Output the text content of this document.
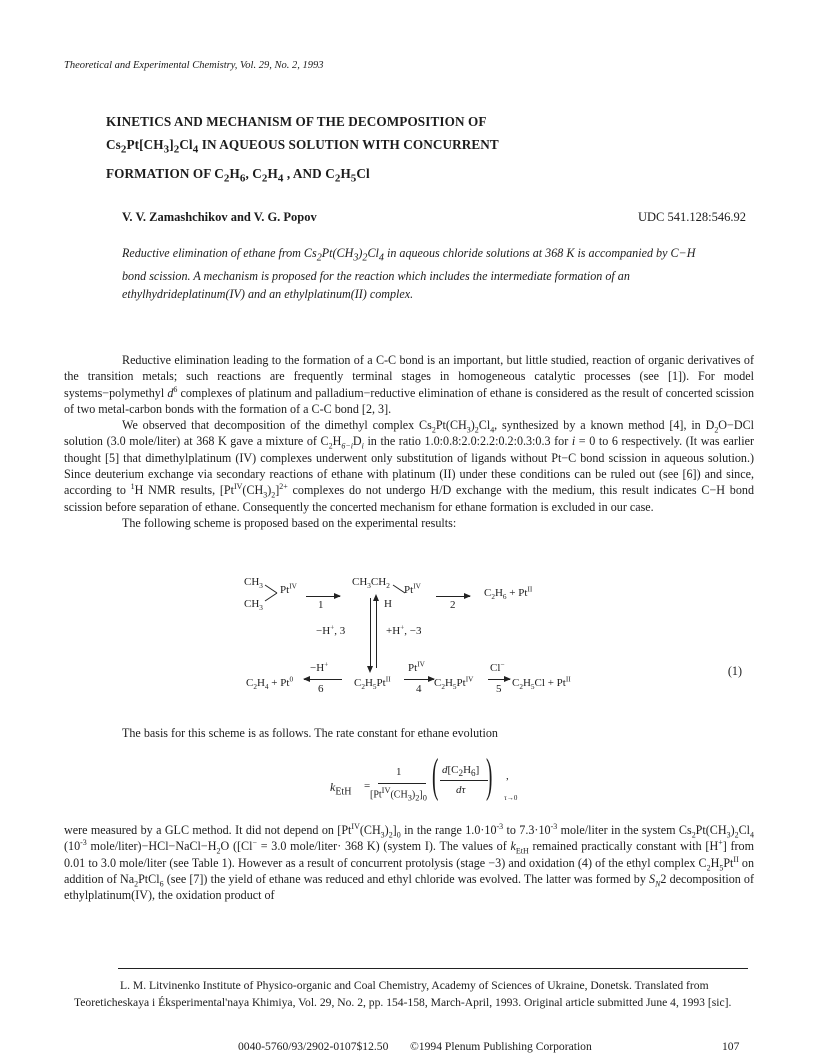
Theoretical and Experimental Chemistry, Vol. 29, No. 2, 1993
KINETICS AND MECHANISM OF THE DECOMPOSITION OF
$Cs_2Pt[CH_3]_2Cl_4$ IN AQUEOUS SOLUTION WITH CONCURRENT
FORMATION OF $C_2H_6$, $C_2H_4$ , AND $C_2H_5Cl$
V. V. Zamashchikov and V. G. Popov	UDC 541.128:546.92

Reductive elimination of ethane from $Cs_2Pt(CH_3)_2Cl_4$ in aqueous chloride solutions at 368 K is accompanied by C−H bond scission. A mechanism is proposed for the reaction which includes the intermediate formation of an ethylhydrideplatinum(IV) and an ethylplatinum(II) complex.

Reductive elimination leading to the formation of a C-C bond is an important, but little studied, reaction of organic derivatives of the transition metals; such reactions are frequently terminal stages in homogeneous catalytic processes (see [1]). For model systems−polymethyl $d^6$ complexes of platinum and palladium−reductive elimination of ethane is considered as the result of concerted scission of two metal-carbon bonds with the formation of a C-C bond [2, 3].

We observed that decomposition of the dimethyl complex $Cs_2Pt(CH_3)_2Cl_4$, synthesized by a known method [4], in $D_2O-DCl$ solution (3.0 mole/liter) at 368 K gave a mixture of $C_2H_{6-i}D_i$ in the ratio 1.0:0.8:2.0:2.2:0.2:0.3:0.3 for i = 0 to 6 respectively. (It was earlier thought [5] that dimethylplatinum (IV) complexes underwent only substitution of ligands without Pt−C bond scission in aqueous solution.) Since deuterium exchange via secondary reactions of ethane with platinum (II) under these conditions can be ruled out (see [6]) and since, according to $^1$H NMR results, $[Pt^{IV}(CH_3)_2]^{2+}$ complexes do not undergo H/D exchange with the medium, this result indicates C−H bond scission before separation of ethane. Consequently the concerted mechanism for ethane formation is excluded in our case.

The following scheme is proposed based on the experimental results:

$CH_3$
$CH_3$
$Pt^{IV}$
1
$CH_3CH_2$ $Pt^{IV}$
H	2
$C_2H_6 + Pt^{II}$
−H+, 3	+H+, −3
$C_2H_4 + Pt^0$
−H+
6	$C_2H_5Pt^{II}$
$Pt^{IV}$
4 $C_2H_5Pt^{IV}$
Cl−
5 $C_2H_5Cl + Pt^{II}$
(1)
The basis for this scheme is as follows. The rate constant for ethane evolution
$k_{EtH}$ =
1
$[Pt^{IV}(CH_3)_2]_0$ ( $d[C_2H_6]$
dτ ) τ→0
,

were measured by a GLC method. It did not depend on $[Pt^{IV}(CH_3)_2]_0$ in the range $1.0\cdot 10^{-3}$ to $7.3\cdot 10^{-3}$ mole/liter in the system $Cs_2Pt(CH_3)_2Cl_4$ ($10^{-3}$ mole/$liter)-HCl-NaCl-H_2O$ ([Cl− = 3.0 mole/liter· 368 K) (system I). The values of $k_{EtH}$ remained practically constant with [H+] from 0.01 to 3.0 mole/liter (see Table 1). However as a result of concurrent protolysis (stage −3) and oxidation (4) of the ethyl complex $C_2H_5Pt^{II}$ on addition of $Na_2PtCl_6$ (see [7]) the yield of ethane was reduced and ethyl chloride was evolved. The latter was formed by $S_N2$ decomposition of ethylplatinum(IV), the oxidation product of

L. M. Litvinenko Institute of Physico-organic and Coal Chemistry, Academy of Sciences of Ukraine, Donetsk. Translated from Teoreticheskaya i Éksperimental'naya Khimiya, Vol. 29, No. 2, pp. 154-158, March-April, 1993. Original article submitted June 4, 1993 [sic].
0040-5760/93/2902-0107$12.50 ©1994 Plenum Publishing Corporation	107
